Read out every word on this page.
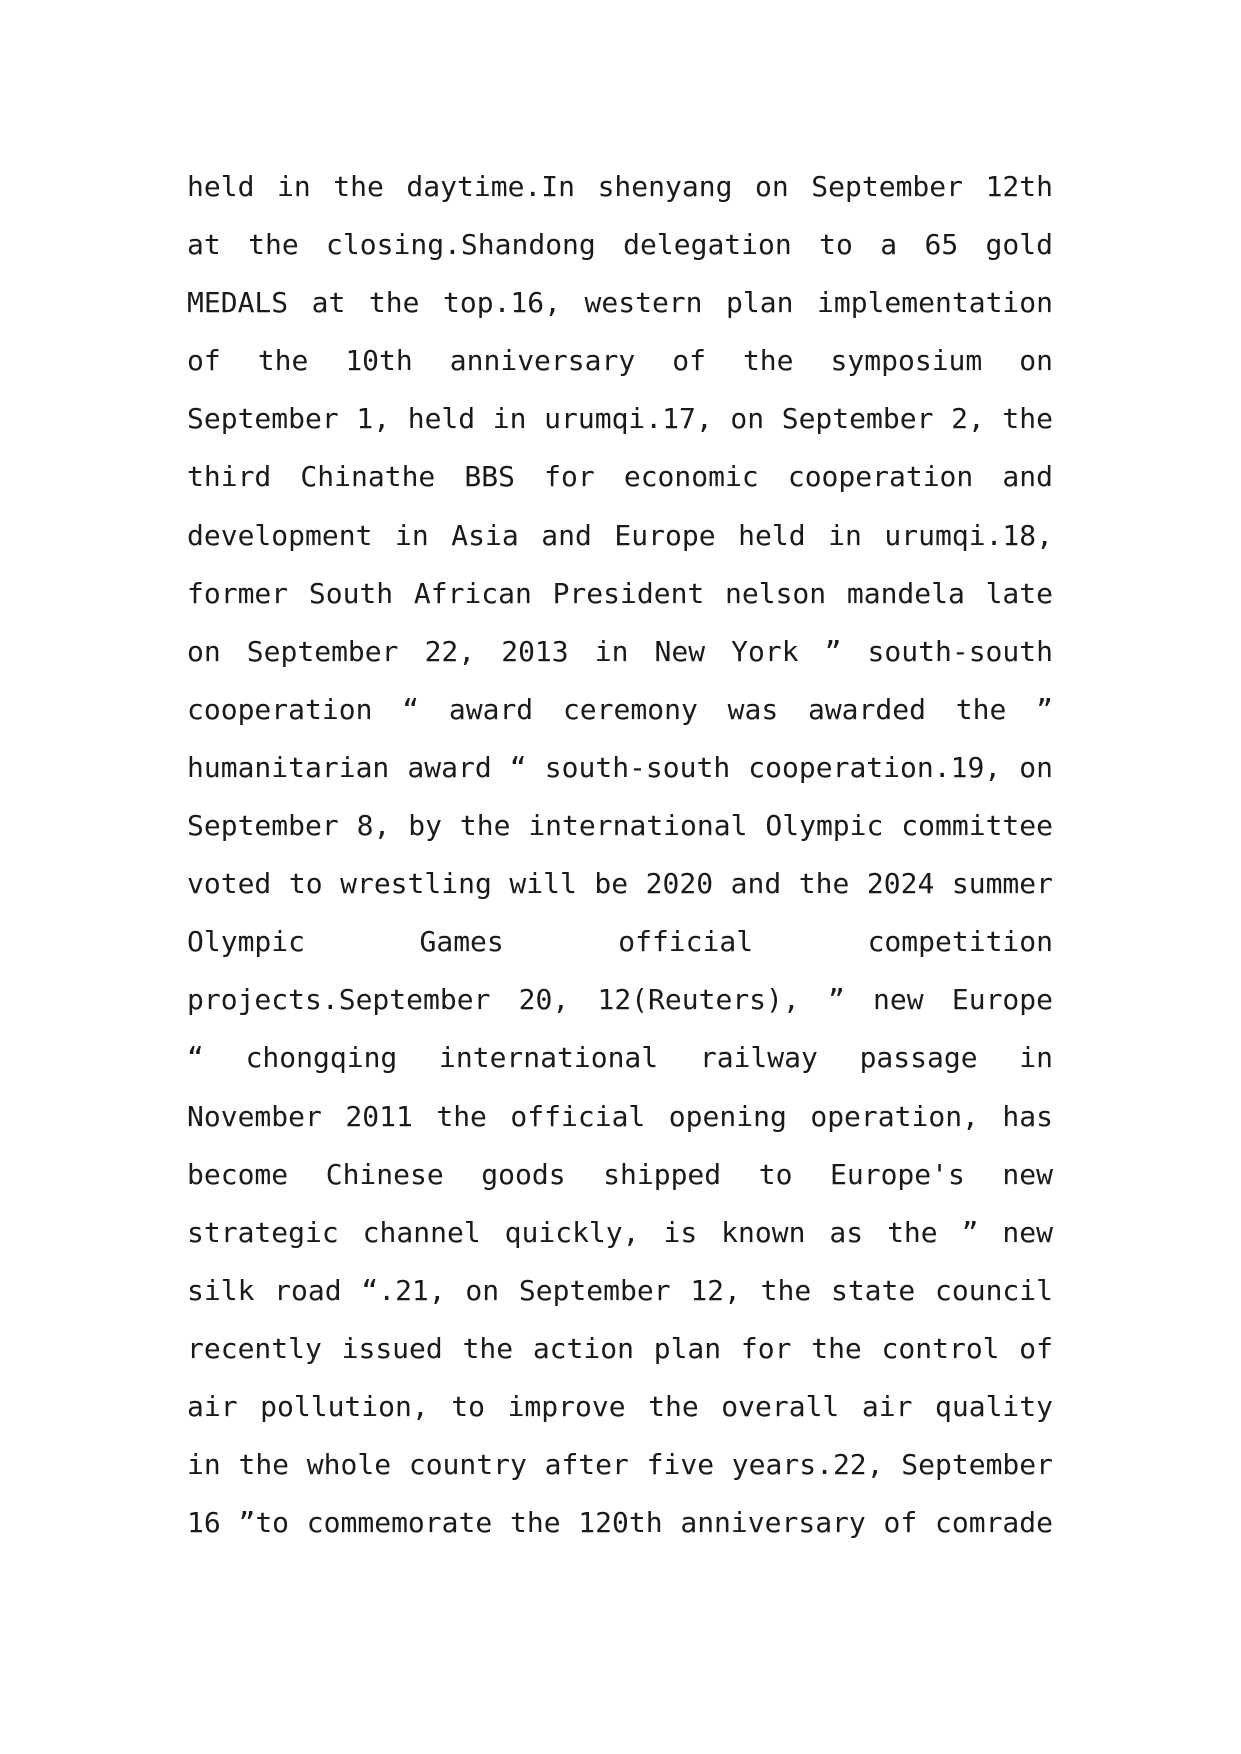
held in the daytime.In shenyang on September 12th
at the closing.Shandong delegation to a 65 gold
MEDALS at the top.16, western plan implementation
of the 10th anniversary of the symposium on
September 1, held in urumqi.17, on September 2, the
third Chinathe BBS for economic cooperation and
development in Asia and Europe held in urumqi.18,
former South African President nelson mandela late
on September 22, 2013 in New York ” south-south
cooperation “ award ceremony was awarded the ”
humanitarian award “ south-south cooperation.19, on
September 8, by the international Olympic committee
voted to wrestling will be 2020 and the 2024 summer
Olympic Games official competition
projects.September 20, 12(Reuters), ” new Europe
“ chongqing international railway passage in
November 2011 the official opening operation, has
become Chinese goods shipped to Europe's new
strategic channel quickly, is known as the ” new
silk road “.21, on September 12, the state council
recently issued the action plan for the control of
air pollution, to improve the overall air quality
in the whole country after five years.22, September
16 ”to commemorate the 120th anniversary of comrade
